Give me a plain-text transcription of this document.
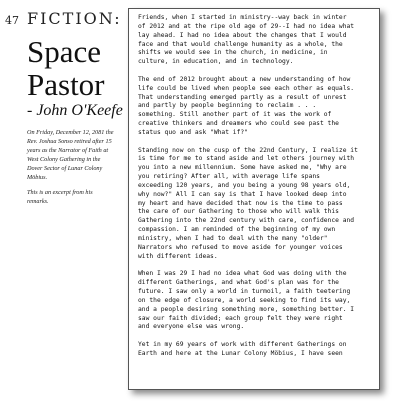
47 FICTION:
Space
Pastor
- John O'Keefe

On Friday, December 12, 2081 the Rev. Joshua Sonso retired after 15 years as the Narrator of Faith at West Colony Gathering in the Dover Sector of Lunar Colony Möbius.

This is an excerpt from his remarks.

Friends, when I started in ministry--way back in winter
of 2012 and at the ripe old age of 29--I had no idea what
lay ahead. I had no idea about the changes that I would
face and that would challenge humanity as a whole, the
shifts we would see in the church, in medicine, in
culture, in education, and in technology.

The end of 2012 brought about a new understanding of how
life could be lived when people see each other as equals.
That understanding emerged partly as a result of unrest
and partly by people beginning to reclaim . . .
something. Still another part of it was the work of
creative thinkers and dreamers who could see past the
status quo and ask "What if?"

Standing now on the cusp of the 22nd Century, I realize it
is time for me to stand aside and let others journey with
you into a new millennium. Some have asked me, "Why are
you retiring? After all, with average life spans
exceeding 120 years, and you being a young 98 years old,
why now?" All I can say is that I have looked deep into
my heart and have decided that now is the time to pass
the care of our Gathering to those who will walk this
Gathering into the 22nd century with care, confidence and
compassion. I am reminded of the beginning of my own
ministry, when I had to deal with the many "older"
Narrators who refused to move aside for younger voices
with different ideas.

When I was 29 I had no idea what God was doing with the
different Gatherings, and what God's plan was for the
future. I saw only a world in turmoil, a faith teetering
on the edge of closure, a world seeking to find its way,
and a people desiring something more, something better. I
saw our faith divided; each group felt they were right
and everyone else was wrong.

Yet in my 69 years of work with different Gatherings on
Earth and here at the Lunar Colony Möbius, I have seen
